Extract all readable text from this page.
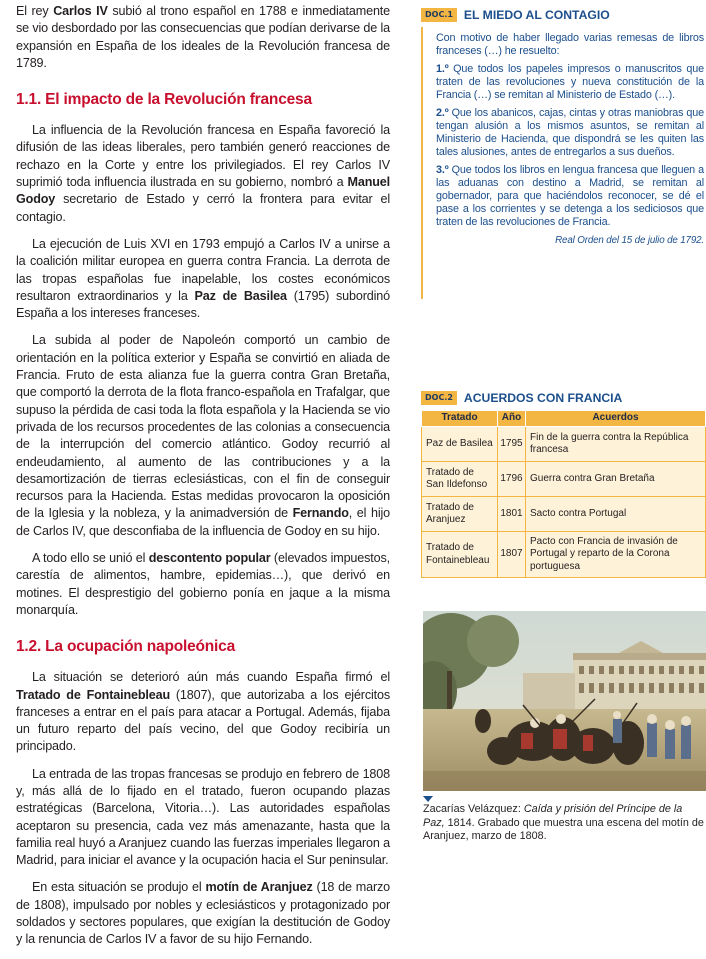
El rey Carlos IV subió al trono español en 1788 e inmediatamente se vio desbordado por las consecuencias que podían derivarse de la expansión en España de los ideales de la Revolución francesa de 1789.

1.1. El impacto de la Revolución francesa

La influencia de la Revolución francesa en España favoreció la difusión de las ideas liberales, pero también generó reacciones de rechazo en la Corte y entre los privilegiados. El rey Carlos IV suprimió toda influencia ilustrada en su gobierno, nombró a Manuel Godoy secretario de Estado y cerró la frontera para evitar el contagio.

La ejecución de Luis XVI en 1793 empujó a Carlos IV a unirse a la coalición militar europea en guerra contra Francia. La derrota de las tropas españolas fue inapelable, los costes económicos resultaron extraordinarios y la Paz de Basilea (1795) subordinó España a los intereses franceses.

La subida al poder de Napoleón comportó un cambio de orientación en la política exterior y España se convirtió en aliada de Francia. Fruto de esta alianza fue la guerra contra Gran Bretaña, que comportó la derrota de la flota franco-española en Trafalgar, que supuso la pérdida de casi toda la flota española y la Hacienda se vio privada de los recursos procedentes de las colonias a consecuencia de la interrupción del comercio atlántico. Godoy recurrió al endeudamiento, al aumento de las contribuciones y a la desamortización de tierras eclesiásticas, con el fin de conseguir recursos para la Hacienda. Estas medidas provocaron la oposición de la Iglesia y la nobleza, y la animadversión de Fernando, el hijo de Carlos IV, que desconfiaba de la influencia de Godoy en su hijo.

A todo ello se unió el descontento popular (elevados impuestos, carestía de alimentos, hambre, epidemias…), que derivó en motines. El desprestigio del gobierno ponía en jaque a la misma monarquía.

1.2. La ocupación napoleónica

La situación se deterioró aún más cuando España firmó el Tratado de Fontainebleau (1807), que autorizaba a los ejércitos franceses a entrar en el país para atacar a Portugal. Además, fijaba un futuro reparto del país vecino, del que Godoy recibiría un principado.

La entrada de las tropas francesas se produjo en febrero de 1808 y, más allá de lo fijado en el tratado, fueron ocupando plazas estratégicas (Barcelona, Vitoria…). Las autoridades españolas aceptaron su presencia, cada vez más amenazante, hasta que la familia real huyó a Aranjuez cuando las fuerzas imperiales llegaron a Madrid, para iniciar el avance y la ocupación hacia el Sur peninsular.

En esta situación se produjo el motín de Aranjuez (18 de marzo de 1808), impulsado por nobles y eclesiásticos y protagonizado por soldados y sectores populares, que exigían la destitución de Godoy y la renuncia de Carlos IV a favor de su hijo Fernando.

DOC.1 EL MIEDO AL CONTAGIO

Con motivo de haber llegado varias remesas de libros franceses (…) he resuelto:

1.º Que todos los papeles impresos o manuscritos que traten de las revoluciones y nueva constitución de la Francia (…) se remitan al Ministerio de Estado (…).

2.º Que los abanicos, cajas, cintas y otras maniobras que tengan alusión a los mismos asuntos, se remitan al Ministerio de Hacienda, que dispondrá se les quiten las tales alusiones, antes de entregarlos a sus dueños.

3.º Que todos los libros en lengua francesa que lleguen a las aduanas con destino a Madrid, se remitan al gobernador, para que haciéndolos reconocer, se dé el pase a los corrientes y se detenga a los sediciosos que traten de las revoluciones de Francia.

Real Orden del 15 de julio de 1792.
DOC.2 ACUERDOS CON FRANCIA
Tratado	Año	Acuerdos
Paz de Basilea	1795	Fin de la guerra contra la República francesa
Tratado de San Ildefonso	1796	Guerra contra Gran Bretaña
Tratado de Aranjuez	1801	Sacto contra Portugal
Tratado de Fontainebleau	1807	Pacto con Francia de invasión de Portugal y reparto de la Corona portuguesa
Zacarías Velázquez: Caída y prisión del Príncipe de la Paz, 1814. Grabado que muestra una escena del motín de Aranjuez, marzo de 1808.
